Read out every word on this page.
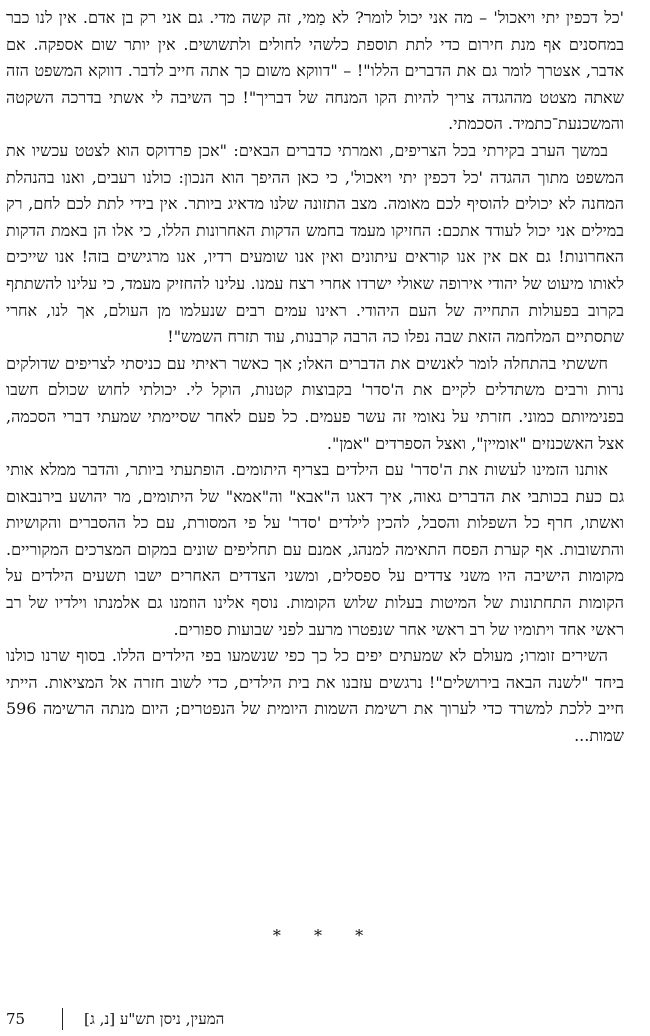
'כל דכפין יתי ויאכול' – מה אני יכול לומר? לא מַמי, זה קשה מדי. גם אני רק בן אדם. אין לנו כבר במחסנים אף מנת חירום כדי לתת תוספת כלשהי לחולים ולתשושים. אין יותר שום אספקה. אם אדבר, אצטרך לומר גם את הדברים הללו"! – "דווקא משום כך אתה חייב לדבר. דווקא המשפט הזה שאתה מצטט מההגדה צריך להיות הקו המנחה של דבריך"! כך השיבה לי אשתי בדרכה השקטה והמשכנעת־כתמיד. הסכמתי.

במשך הערב בקירתי בכל הצריפים, ואמרתי כדברים הבאים: "אכן פרדוקס הוא לצטט עכשיו את המשפט מתוך ההגדה 'כל דכפין יתי ויאכול', כי כאן ההיפך הוא הנכון: כולנו רעבים, ואנו בהנהלת המחנה לא יכולים להוסיף לכם מאומה. מצב התזונה שלנו מדאיג ביותר. אין בידי לתת לכם לחם, רק במילים אני יכול לעודד אתכם: החזיקו מעמד בחמש הדקות האחרונות הללו, כי אלו הן באמת הדקות האחרונות! גם אם אין אנו קוראים עיתונים ואין אנו שומעים רדיו, אנו מרגישים בזה! אנו שייכים לאותו מיעוט של יהודי אירופה שאולי ישרדו אחרי רצח עמנו. עלינו להחזיק מעמד, כי עלינו להשתתף בקרוב בפעולות התחייה של העם היהודי. ראינו עמים רבים שנעלמו מן העולם, אך לנו, אחרי שתסתיים המלחמה הזאת שבה נפלו כה הרבה קרבנות, עוד תזרח השמש"!

חששתי בהתחלה לומר לאנשים את הדברים האלו; אך כאשר ראיתי עם כניסתי לצריפים שדולקים נרות ורבים משתדלים לקיים את ה'סדר' בקבוצות קטנות, הוקל לי. יכולתי לחוש שכולם חשבו בפנימיותם כמוני. חזרתי על נאומי זה עשר פעמים. כל פעם לאחר שסיימתי שמעתי דברי הסכמה, אצל האשכנזים "אומיין", ואצל הספרדים "אמן".

אותנו הזמינו לעשות את ה'סדר' עם הילדים בצריף היתומים. הופתעתי ביותר, והדבר ממלא אותי גם כעת בכותבי את הדברים גאוה, איך דאגו ה"אבא" וה"אמא" של היתומים, מר יהושע בירנבאום ואשתו, חרף כל השפלות והסבל, להכין לילדים 'סדר' על פי המסורת, עם כל ההסברים והקושיות והתשובות. אף קערת הפסח התאימה למנהג, אמנם עם תחליפים שונים במקום המצרכים המקוריים. מקומות הישיבה היו משני צדדים על ספסלים, ומשני הצדדים האחרים ישבו תשעים הילדים על הקומות התחתונות של המיטות בעלות שלוש הקומות. נוסף אלינו הוזמנו גם אלמנתו וילדיו של רב ראשי אחד ויתומיו של רב ראשי אחר שנפטרו מרעב לפני שבועות ספורים.

השירים זומרו; מעולם לא שמעתים יפים כל כך כפי שנשמעו בפי הילדים הללו. בסוף שרנו כולנו ביחד "לשנה הבאה בירושלים"! נרגשים עזבנו את בית הילדים, כדי לשוב חזרה אל המציאות. הייתי חייב ללכת למשרד כדי לערוך את רשימת השמות היומית של הנפטרים; היום מנתה הרשימה 596 שמות...

* * *
75	המעין, ניסן תש"ע [נ, ג]
